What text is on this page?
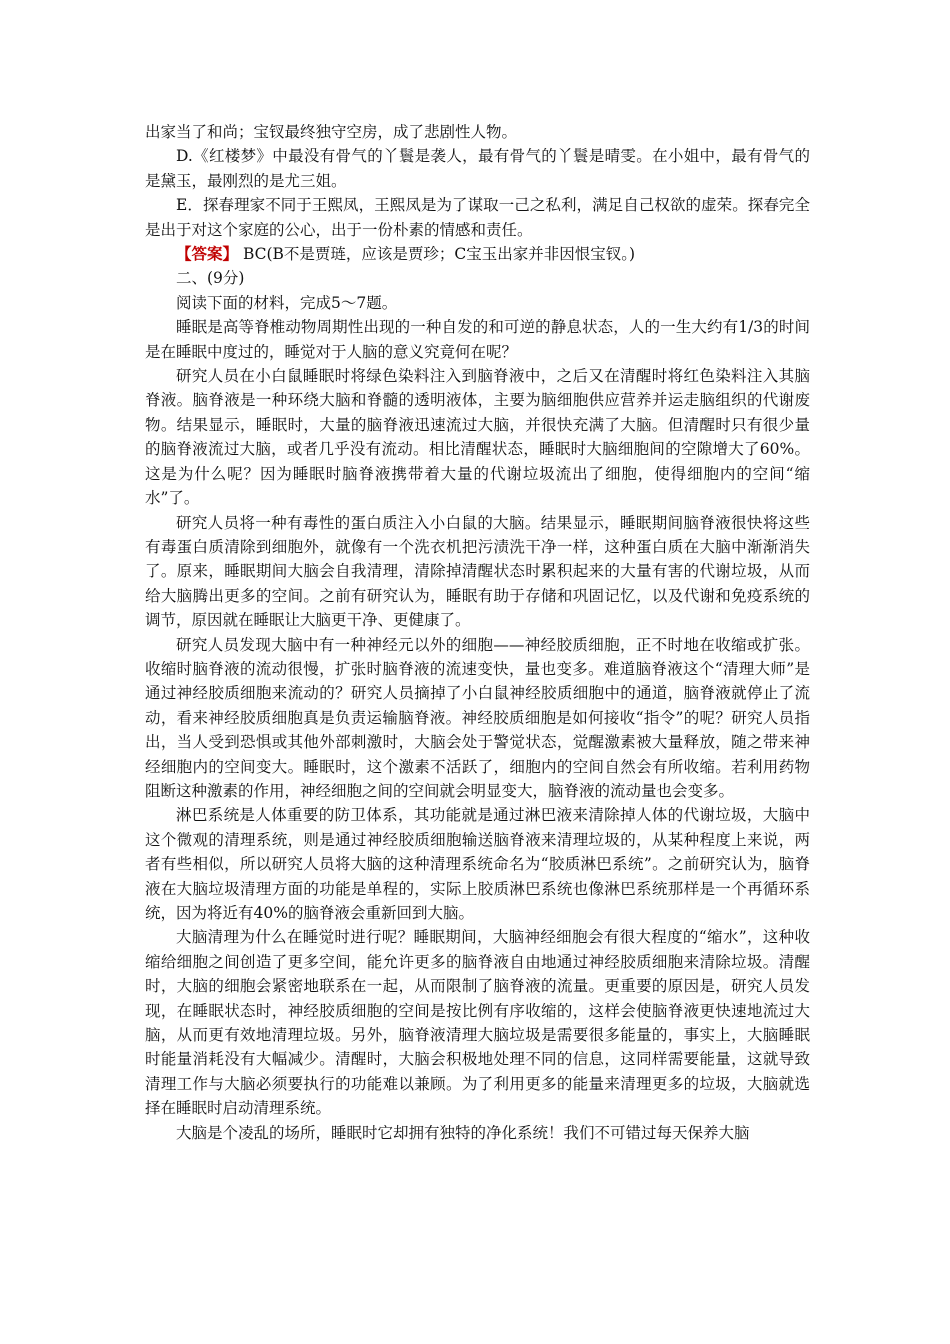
出家当了和尚；宝钗最终独守空房，成了悲剧性人物。

D.《红楼梦》中最没有骨气的丫鬟是袭人，最有骨气的丫鬟是晴雯。在小姐中，最有骨气的是黛玉，最刚烈的是尤三姐。

E．探春理家不同于王熙凤，王熙凤是为了谋取一己之私利，满足自己权欲的虚荣。探春完全是出于对这个家庭的公心，出于一份朴素的情感和责任。

【答案】 BC(B不是贾琏，应该是贾珍；C宝玉出家并非因恨宝钗。)

二、(9分)

阅读下面的材料，完成5～7题。

睡眠是高等脊椎动物周期性出现的一种自发的和可逆的静息状态，人的一生大约有1/3的时间是在睡眠中度过的，睡觉对于人脑的意义究竟何在呢？

研究人员在小白鼠睡眠时将绿色染料注入到脑脊液中，之后又在清醒时将红色染料注入其脑脊液。脑脊液是一种环绕大脑和脊髓的透明液体，主要为脑细胞供应营养并运走脑组织的代谢废物。结果显示，睡眠时，大量的脑脊液迅速流过大脑，并很快充满了大脑。但清醒时只有很少量的脑脊液流过大脑，或者几乎没有流动。相比清醒状态，睡眠时大脑细胞间的空隙增大了60%。这是为什么呢？因为睡眠时脑脊液携带着大量的代谢垃圾流出了细胞，使得细胞内的空间“缩水”了。

研究人员将一种有毒性的蛋白质注入小白鼠的大脑。结果显示，睡眠期间脑脊液很快将这些有毒蛋白质清除到细胞外，就像有一个洗衣机把污渍洗干净一样，这种蛋白质在大脑中渐渐消失了。原来，睡眠期间大脑会自我清理，清除掉清醒状态时累积起来的大量有害的代谢垃圾，从而给大脑腾出更多的空间。之前有研究认为，睡眠有助于存储和巩固记忆，以及代谢和免疫系统的调节，原因就在睡眠让大脑更干净、更健康了。

研究人员发现大脑中有一种神经元以外的细胞——神经胶质细胞，正不时地在收缩或扩张。收缩时脑脊液的流动很慢，扩张时脑脊液的流速变快，量也变多。难道脑脊液这个“清理大师”是通过神经胶质细胞来流动的？研究人员摘掉了小白鼠神经胶质细胞中的通道，脑脊液就停止了流动，看来神经胶质细胞真是负责运输脑脊液。神经胶质细胞是如何接收“指令”的呢？研究人员指出，当人受到恐惧或其他外部刺激时，大脑会处于警觉状态，觉醒激素被大量释放，随之带来神经细胞内的空间变大。睡眠时，这个激素不活跃了，细胞内的空间自然会有所收缩。若利用药物阻断这种激素的作用，神经细胞之间的空间就会明显变大，脑脊液的流动量也会变多。

淋巴系统是人体重要的防卫体系，其功能就是通过淋巴液来清除掉人体的代谢垃圾，大脑中这个微观的清理系统，则是通过神经胶质细胞输送脑脊液来清理垃圾的，从某种程度上来说，两者有些相似，所以研究人员将大脑的这种清理系统命名为“胶质淋巴系统”。之前研究认为，脑脊液在大脑垃圾清理方面的功能是单程的，实际上胶质淋巴系统也像淋巴系统那样是一个再循环系统，因为将近有40%的脑脊液会重新回到大脑。

大脑清理为什么在睡觉时进行呢？睡眠期间，大脑神经细胞会有很大程度的“缩水”，这种收缩给细胞之间创造了更多空间，能允许更多的脑脊液自由地通过神经胶质细胞来清除垃圾。清醒时，大脑的细胞会紧密地联系在一起，从而限制了脑脊液的流量。更重要的原因是，研究人员发现，在睡眠状态时，神经胶质细胞的空间是按比例有序收缩的，这样会使脑脊液更快速地流过大脑，从而更有效地清理垃圾。另外，脑脊液清理大脑垃圾是需要很多能量的，事实上，大脑睡眠时能量消耗没有大幅减少。清醒时，大脑会积极地处理不同的信息，这同样需要能量，这就导致清理工作与大脑必须要执行的功能难以兼顾。为了利用更多的能量来清理更多的垃圾，大脑就选择在睡眠时启动清理系统。

大脑是个凌乱的场所，睡眠时它却拥有独特的净化系统！我们不可错过每天保养大脑
